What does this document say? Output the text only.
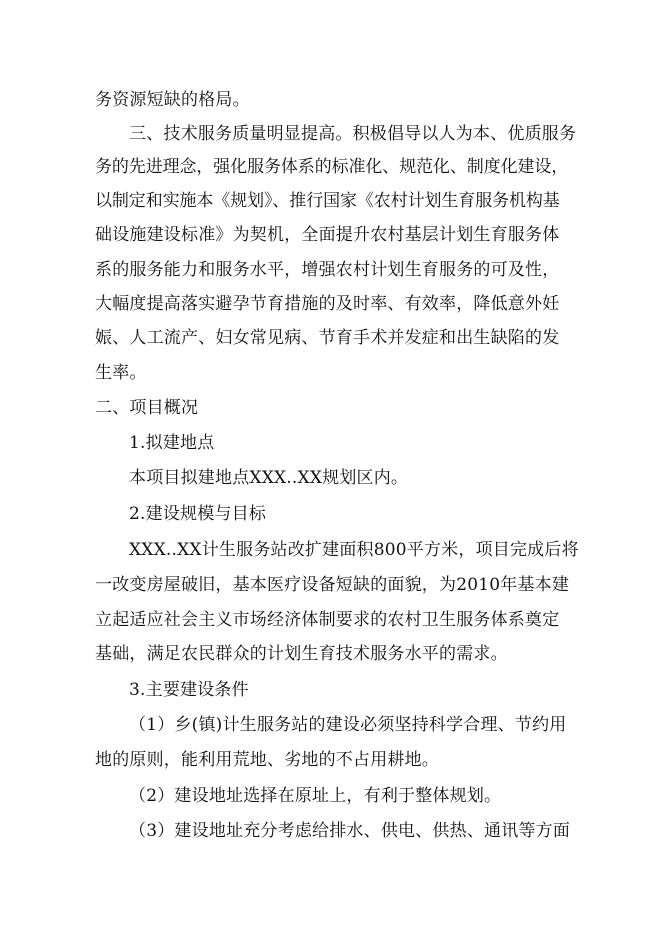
务资源短缺的格局。
三、技术服务质量明显提高。积极倡导以人为本、优质服务
务的先进理念，强化服务体系的标准化、规范化、制度化建设，
以制定和实施本《规划》、推行国家《农村计划生育服务机构基
础设施建设标准》为契机，全面提升农村基层计划生育服务体
系的服务能力和服务水平，增强农村计划生育服务的可及性，
大幅度提高落实避孕节育措施的及时率、有效率，降低意外妊
娠、人工流产、妇女常见病、节育手术并发症和出生缺陷的发
生率。
二、项目概况
1.拟建地点
本项目拟建地点XXX..XX规划区内。
2.建设规模与目标
XXX..XX计生服务站改扩建面积800平方米，项目完成后将
一改变房屋破旧，基本医疗设备短缺的面貌，为2010年基本建
立起适应社会主义市场经济体制要求的农村卫生服务体系奠定
基础，满足农民群众的计划生育技术服务水平的需求。
3.主要建设条件
（1）乡(镇)计生服务站的建设必须坚持科学合理、节约用
地的原则，能利用荒地、劣地的不占用耕地。
（2）建设地址选择在原址上，有利于整体规划。
（3）建设地址充分考虑给排水、供电、供热、通讯等方面
